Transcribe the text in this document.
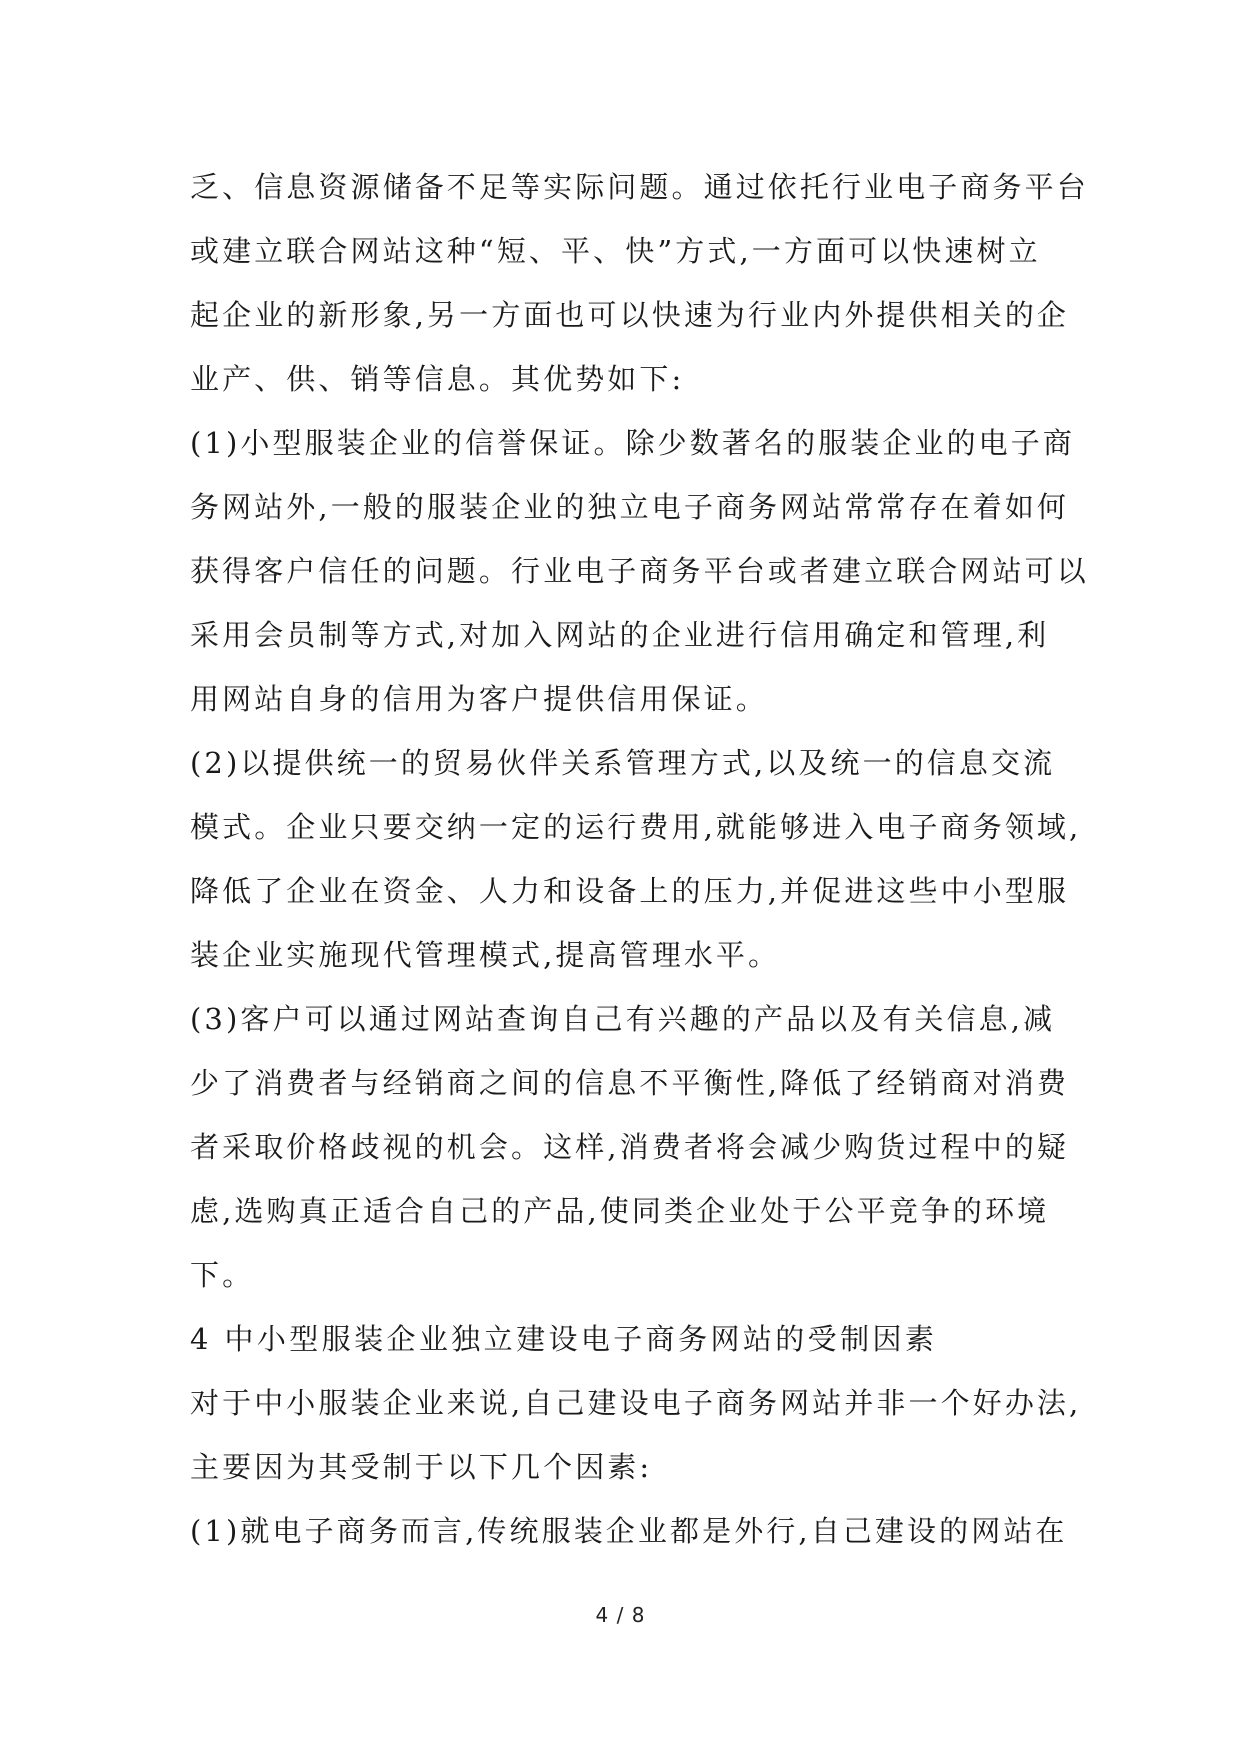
乏、信息资源储备不足等实际问题。通过依托行业电子商务平台
或建立联合网站这种“短、平、快”方式,一方面可以快速树立
起企业的新形象,另一方面也可以快速为行业内外提供相关的企
业产、供、销等信息。其优势如下:
(1)小型服装企业的信誉保证。除少数著名的服装企业的电子商
务网站外,一般的服装企业的独立电子商务网站常常存在着如何
获得客户信任的问题。行业电子商务平台或者建立联合网站可以
采用会员制等方式,对加入网站的企业进行信用确定和管理,利
用网站自身的信用为客户提供信用保证。
(2)以提供统一的贸易伙伴关系管理方式,以及统一的信息交流
模式。企业只要交纳一定的运行费用,就能够进入电子商务领域,
降低了企业在资金、人力和设备上的压力,并促进这些中小型服
装企业实施现代管理模式,提高管理水平。
(3)客户可以通过网站查询自己有兴趣的产品以及有关信息,减
少了消费者与经销商之间的信息不平衡性,降低了经销商对消费
者采取价格歧视的机会。这样,消费者将会减少购货过程中的疑
虑,选购真正适合自己的产品,使同类企业处于公平竞争的环境
下。
4 中小型服装企业独立建设电子商务网站的受制因素
对于中小服装企业来说,自己建设电子商务网站并非一个好办法,
主要因为其受制于以下几个因素:
(1)就电子商务而言,传统服装企业都是外行,自己建设的网站在
4 / 8
